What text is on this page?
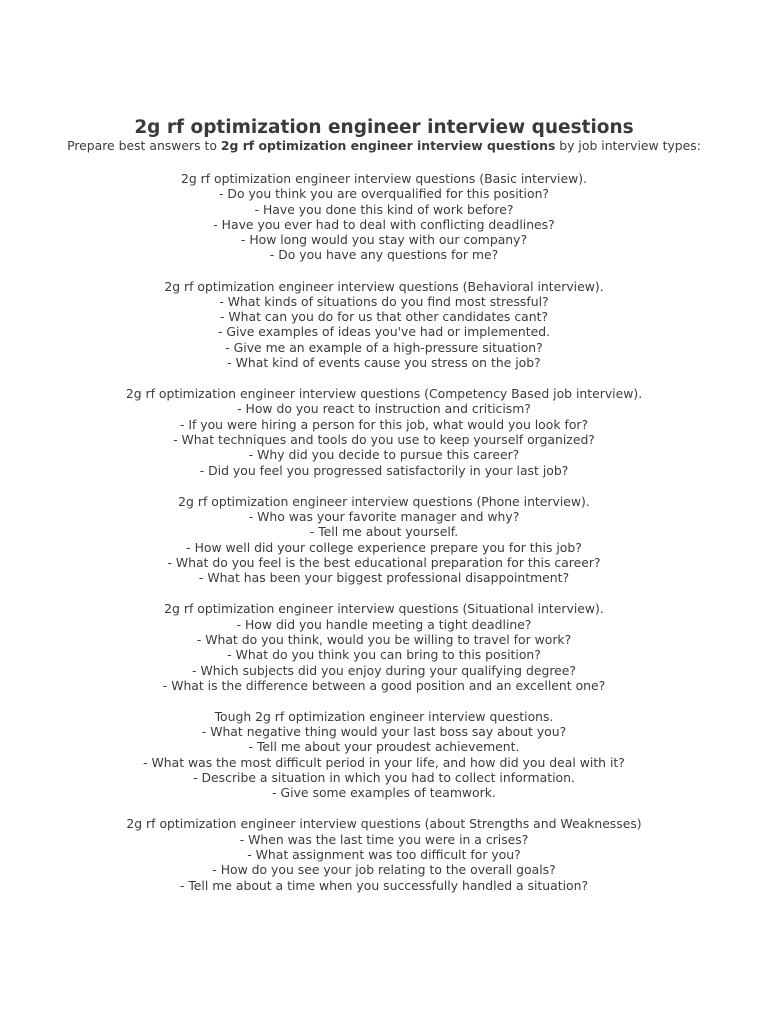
2g rf optimization engineer interview questions

Prepare best answers to 2g rf optimization engineer interview questions by job interview types:

2g rf optimization engineer interview questions (Basic interview).
- Do you think you are overqualified for this position?
- Have you done this kind of work before?
- Have you ever had to deal with conflicting deadlines?
- How long would you stay with our company?
- Do you have any questions for me?
2g rf optimization engineer interview questions (Behavioral interview).
- What kinds of situations do you find most stressful?
- What can you do for us that other candidates cant?
- Give examples of ideas you've had or implemented.
- Give me an example of a high-pressure situation?
- What kind of events cause you stress on the job?
2g rf optimization engineer interview questions (Competency Based job interview).
- How do you react to instruction and criticism?
- If you were hiring a person for this job, what would you look for?
- What techniques and tools do you use to keep yourself organized?
- Why did you decide to pursue this career?
- Did you feel you progressed satisfactorily in your last job?
2g rf optimization engineer interview questions (Phone interview).
- Who was your favorite manager and why?
- Tell me about yourself.
- How well did your college experience prepare you for this job?
- What do you feel is the best educational preparation for this career?
- What has been your biggest professional disappointment?
2g rf optimization engineer interview questions (Situational interview).
- How did you handle meeting a tight deadline?
- What do you think, would you be willing to travel for work?
- What do you think you can bring to this position?
- Which subjects did you enjoy during your qualifying degree?
- What is the difference between a good position and an excellent one?
Tough 2g rf optimization engineer interview questions.
- What negative thing would your last boss say about you?
- Tell me about your proudest achievement.
- What was the most difficult period in your life, and how did you deal with it?
- Describe a situation in which you had to collect information.
- Give some examples of teamwork.
2g rf optimization engineer interview questions (about Strengths and Weaknesses)
- When was the last time you were in a crises?
- What assignment was too difficult for you?
- How do you see your job relating to the overall goals?
- Tell me about a time when you successfully handled a situation?
